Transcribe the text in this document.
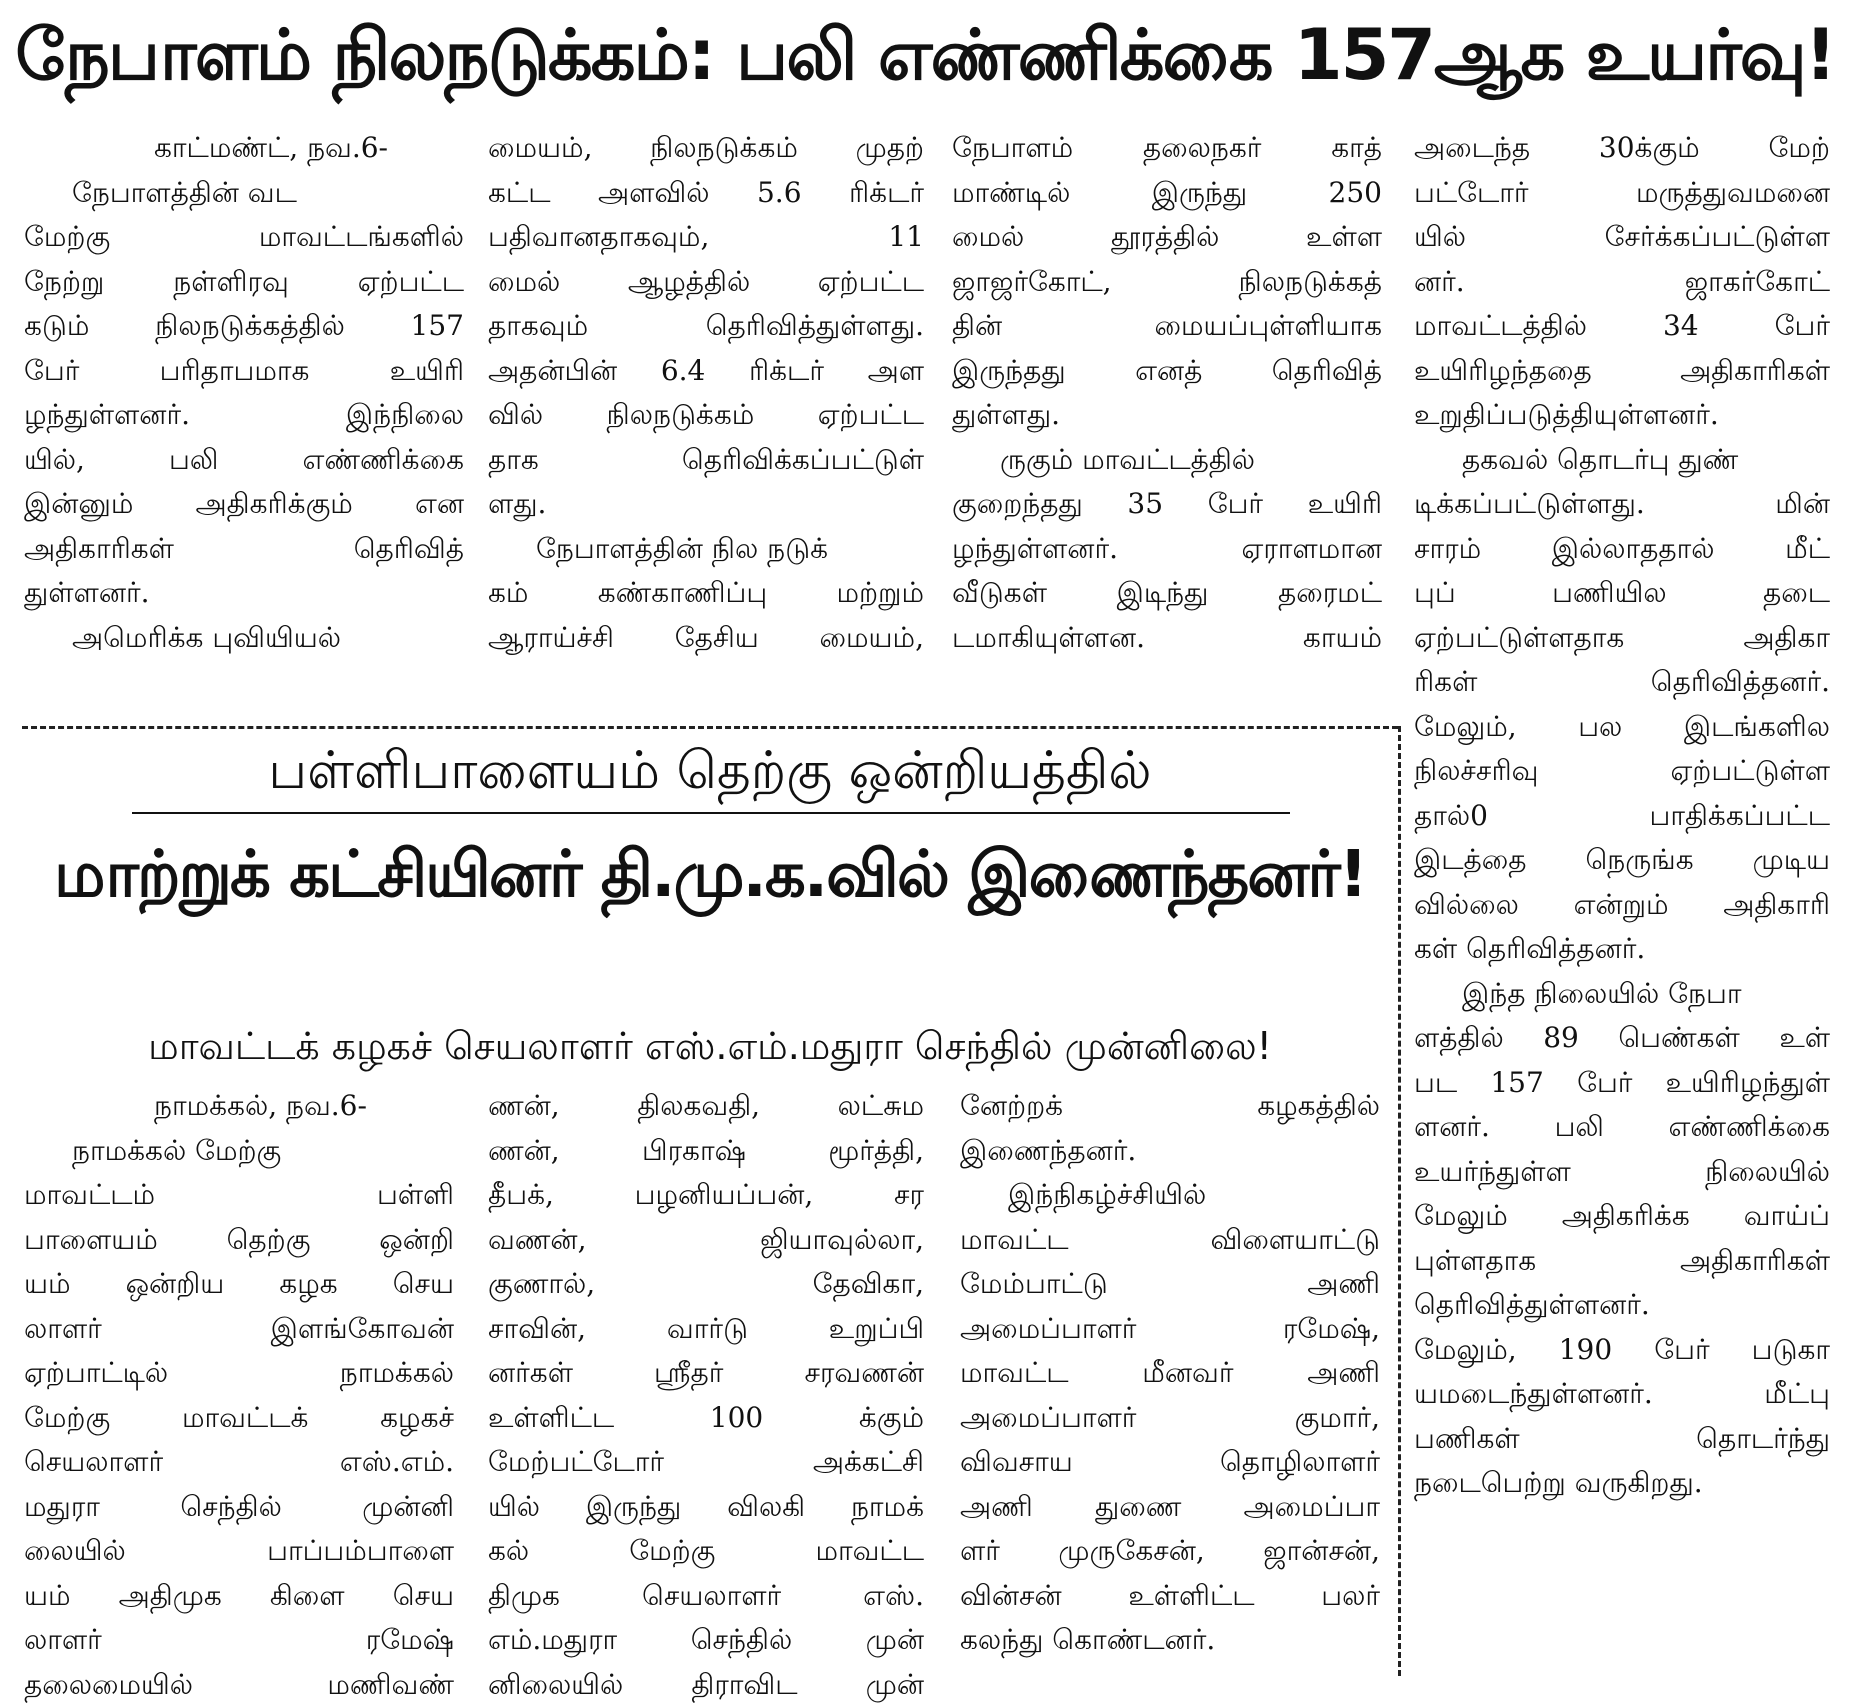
நேபாளம் நிலநடுக்கம்: பலி எண்ணிக்கை 157ஆக உயர்வு!
காட்மண்ட், நவ.6-
நேபாளத்தின் வட
மேற்கு மாவட்டங்களில்
நேற்று நள்ளிரவு ஏற்பட்ட
கடும் நிலநடுக்கத்தில் 157
பேர் பரிதாபமாக உயிரி
ழந்துள்ளனர். இந்நிலை
யில், பலி எண்ணிக்கை
இன்னும் அதிகரிக்கும் என
அதிகாரிகள் தெரிவித்
துள்ளனர்.
அமெரிக்க புவியியல்
மையம், நிலநடுக்கம் முதற்
கட்ட அளவில் 5.6 ரிக்டர்
பதிவானதாகவும், 11
மைல் ஆழத்தில் ஏற்பட்ட
தாகவும் தெரிவித்துள்ளது.
அதன்பின் 6.4 ரிக்டர் அள
வில் நிலநடுக்கம் ஏற்பட்ட
தாக தெரிவிக்கப்பட்டுள்
ளது.
நேபாளத்தின் நில நடுக்
கம் கண்காணிப்பு மற்றும்
ஆராய்ச்சி தேசிய மையம்,
நேபாளம் தலைநகர் காத்
மாண்டில் இருந்து 250
மைல் தூரத்தில் உள்ள
ஜாஜர்கோட், நிலநடுக்கத்
தின் மையப்புள்ளியாக
இருந்தது எனத் தெரிவித்
துள்ளது.
ருகும் மாவட்டத்தில்
குறைந்தது 35 பேர் உயிரி
ழந்துள்ளனர். ஏராளமான
வீடுகள் இடிந்து தரைமட்
டமாகியுள்ளன. காயம்
அடைந்த 30க்கும் மேற்
பட்டோர் மருத்துவமனை
யில் சேர்க்கப்பட்டுள்ள
னர். ஜாகர்கோட்
மாவட்டத்தில் 34 பேர்
உயிரிழந்ததை அதிகாரிகள்
உறுதிப்படுத்தியுள்ளனர்.
தகவல் தொடர்பு துண்
டிக்கப்பட்டுள்ளது. மின்
சாரம் இல்லாததால் மீட்
புப் பணியில தடை
ஏற்பட்டுள்ளதாக அதிகா
ரிகள் தெரிவித்தனர்.
மேலும், பல இடங்களில
நிலச்சரிவு ஏற்பட்டுள்ள
தால்0 பாதிக்கப்பட்ட
இடத்தை நெருங்க முடிய
வில்லை என்றும் அதிகாரி
கள் தெரிவித்தனர்.
இந்த நிலையில் நேபா
ளத்தில் 89 பெண்கள் உள்
பட 157 பேர் உயிரிழந்துள்
ளனர். பலி எண்ணிக்கை
உயர்ந்துள்ள நிலையில்
மேலும் அதிகரிக்க வாய்ப்
புள்ளதாக அதிகாரிகள்
தெரிவித்துள்ளனர்.
மேலும், 190 பேர் படுகா
யமடைந்துள்ளனர். மீட்பு
பணிகள் தொடர்ந்து
நடைபெற்று வருகிறது.
பள்ளிபாளையம் தெற்கு ஒன்றியத்தில்
மாற்றுக் கட்சியினர் தி.மு.க.வில் இணைந்தனர்!
மாவட்டக் கழகச் செயலாளர் எஸ்.எம்.மதுரா செந்தில் முன்னிலை!
நாமக்கல், நவ.6-
நாமக்கல் மேற்கு
மாவட்டம் பள்ளி
பாளையம் தெற்கு ஒன்றி
யம் ஒன்றிய கழக செய
லாளர் இளங்கோவன்
ஏற்பாட்டில் நாமக்கல்
மேற்கு மாவட்டக் கழகச்
செயலாளர் எஸ்.எம்.
மதுரா செந்தில் முன்னி
லையில் பாப்பம்பாளை
யம் அதிமுக கிளை செய
லாளர் ரமேஷ்
தலைமையில் மணிவண்
ணன், திலகவதி, லட்சும
ணன், பிரகாஷ் மூர்த்தி,
தீபக், பழனியப்பன், சர
வணன், ஜியாவுல்லா,
குணால், தேவிகா,
சாவின், வார்டு உறுப்பி
னர்கள் ஸ்ரீதர் சரவணன்
உள்ளிட்ட 100 க்கும்
மேற்பட்டோர் அக்கட்சி
யில் இருந்து விலகி நாமக்
கல் மேற்கு மாவட்ட
திமுக செயலாளர் எஸ்.
எம்.மதுரா செந்தில் முன்
னிலையில் திராவிட முன்
னேற்றக் கழகத்தில்
இணைந்தனர்.
இந்நிகழ்ச்சியில்
மாவட்ட விளையாட்டு
மேம்பாட்டு அணி
அமைப்பாளர் ரமேஷ்,
மாவட்ட மீனவர் அணி
அமைப்பாளர் குமார்,
விவசாய தொழிலாளர்
அணி துணை அமைப்பா
ளர் முருகேசன், ஜான்சன்,
வின்சன் உள்ளிட்ட பலர்
கலந்து கொண்டனர்.
